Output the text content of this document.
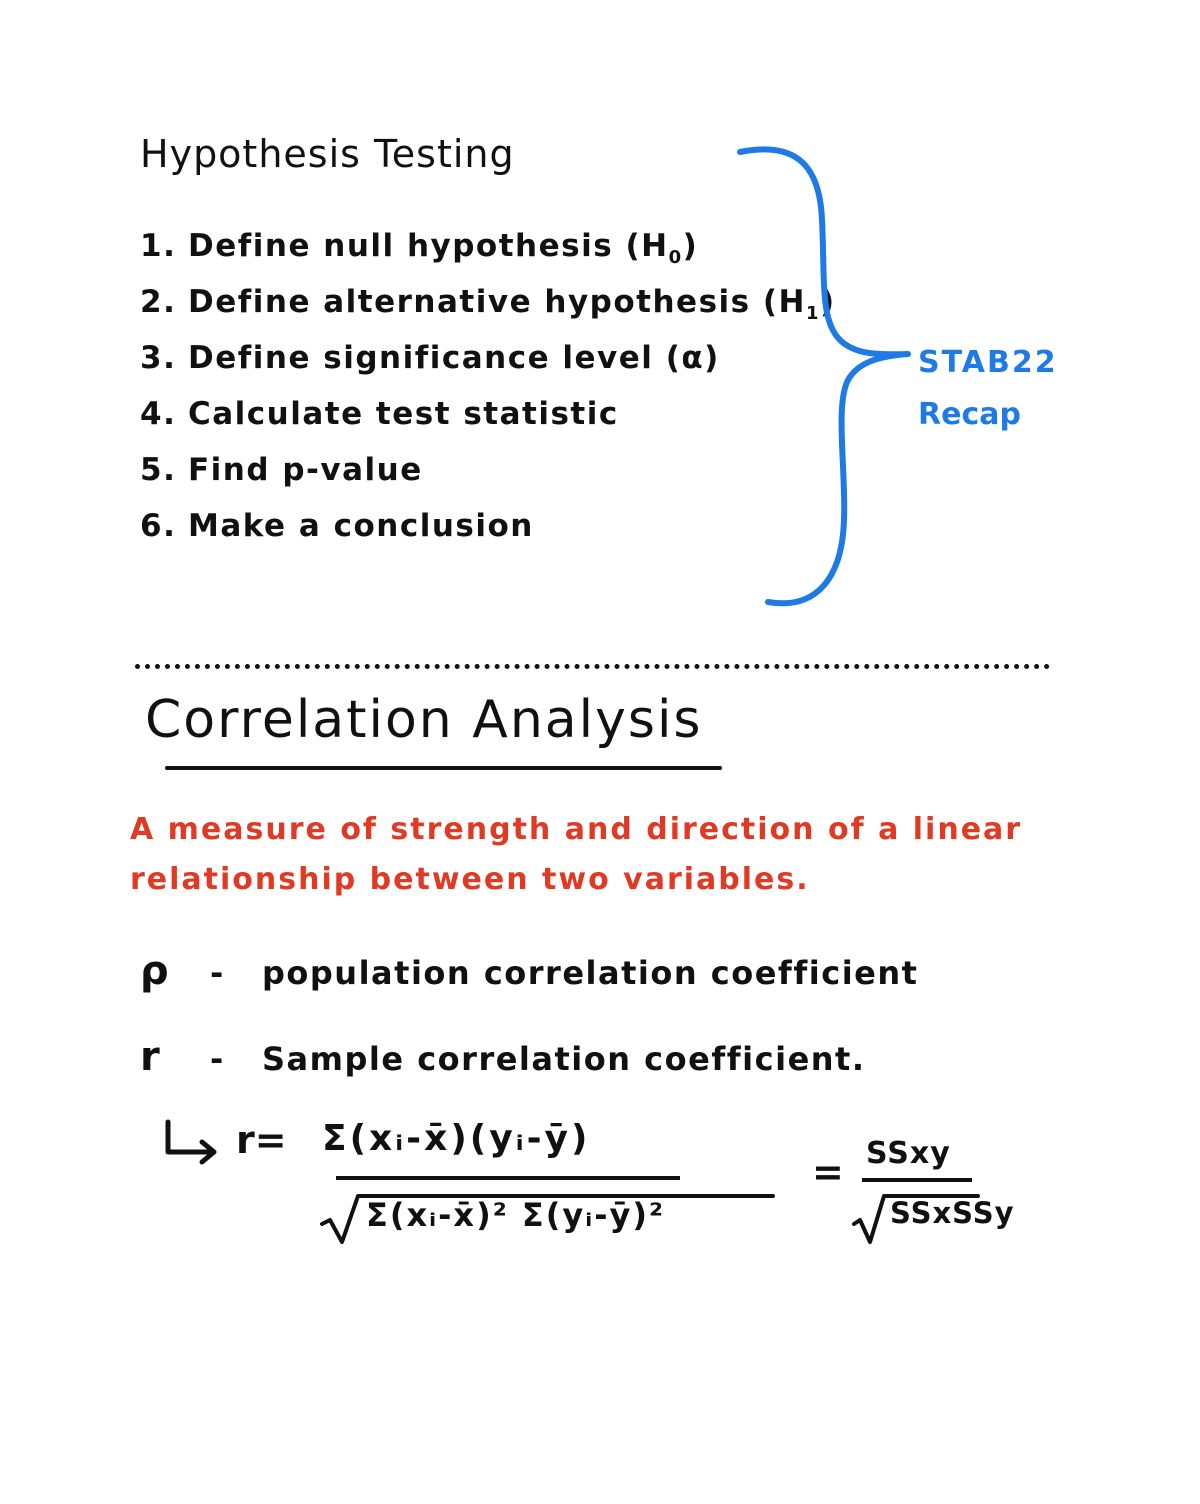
Hypothesis Testing
1. Define null hypothesis $(H_0)$
2. Define alternative hypothesis $(H_1)$
3. Define significance level (α)
4. Calculate test statistic
5. Find p-value
6. Make a conclusion
STAB22
Recap
Correlation Analysis
A measure of strength and direction of a linear
relationship between two variables.
ρ - population correlation coefficient
r - Sample correlation coefficient.
r= Σ(xᵢ-x̄)(yᵢ-ȳ)
Σ(xᵢ-x̄)² Σ(yᵢ-ȳ)²
= SSxy
SSxSSy
